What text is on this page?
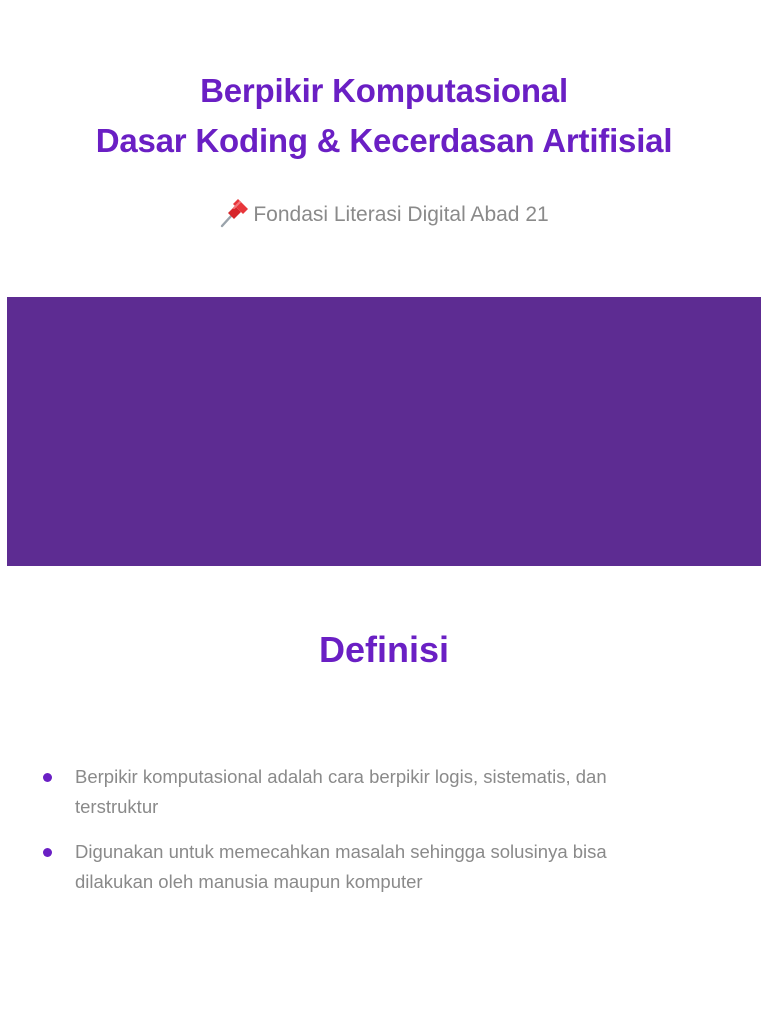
Berpikir Komputasional
Dasar Koding & Kecerdasan Artifisial
Fondasi Literasi Digital Abad 21
Definisi
Berpikir komputasional adalah cara berpikir logis, sistematis, dan terstruktur
Digunakan untuk memecahkan masalah sehingga solusinya bisa dilakukan oleh manusia maupun komputer
